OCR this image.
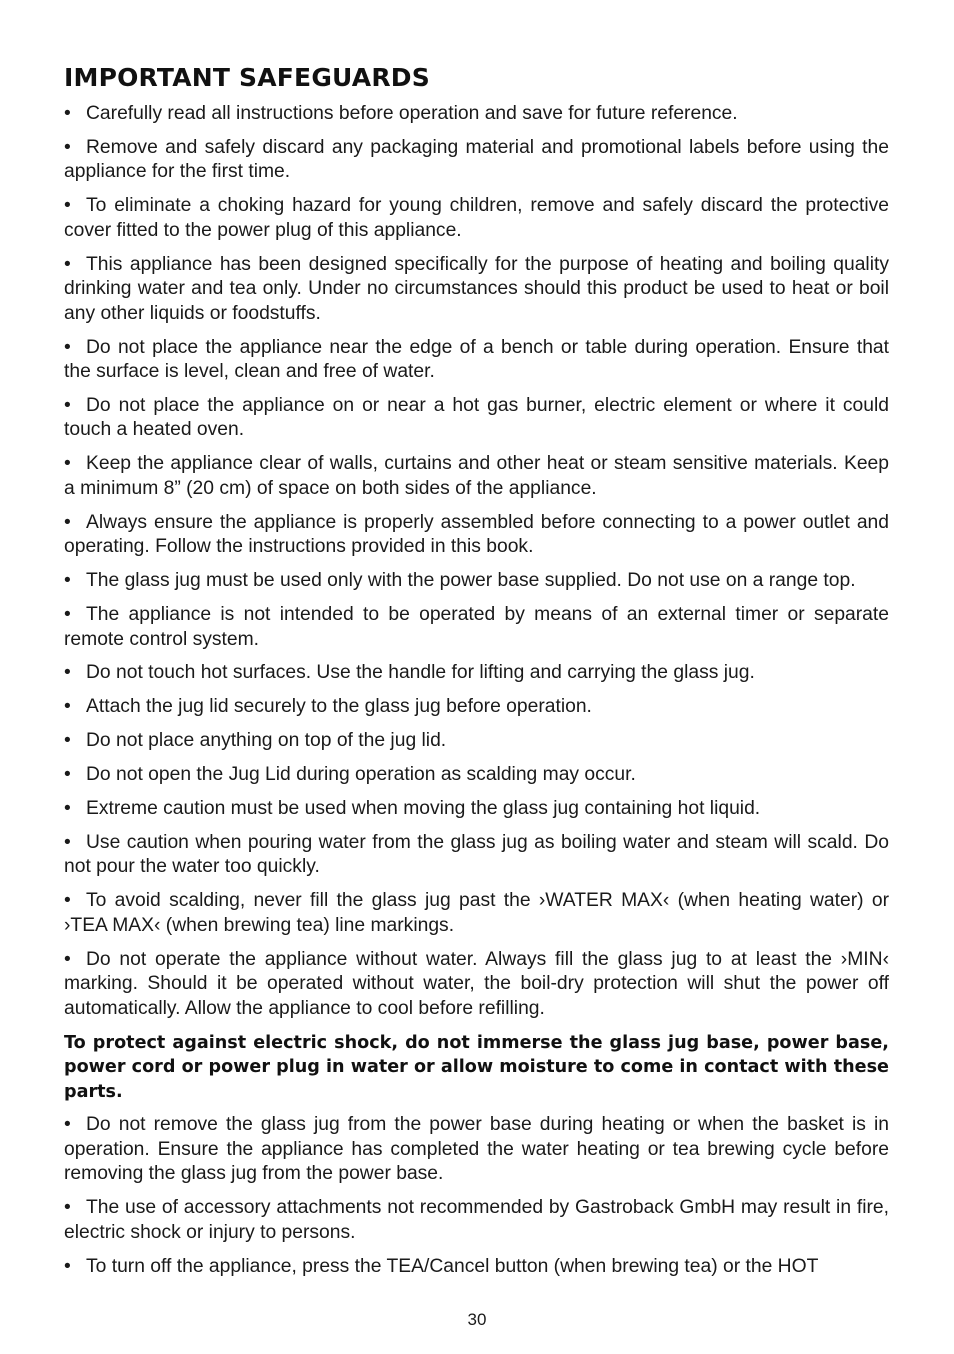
IMPORTANT SAFEGUARDS
• Carefully read all instructions before operation and save for future reference.
• Remove and safely discard any packaging material and promotional labels before using the appliance for the first time.
• To eliminate a choking hazard for young children, remove and safely discard the protective cover fitted to the power plug of this appliance.
• This appliance has been designed specifically for the purpose of heating and boiling quality drinking water and tea only. Under no circumstances should this product be used to heat or boil any other liquids or foodstuffs.
• Do not place the appliance near the edge of a bench or table during operation. Ensure that the surface is level, clean and free of water.
• Do not place the appliance on or near a hot gas burner, electric element or where it could touch a heated oven.
• Keep the appliance clear of walls, curtains and other heat or steam sensitive materials. Keep a minimum 8” (20 cm) of space on both sides of the appliance.
• Always ensure the appliance is properly assembled before connecting to a power outlet and operating. Follow the instructions provided in this book.
• The glass jug must be used only with the power base supplied. Do not use on a range top.
• The appliance is not intended to be operated by means of an external timer or separate remote control system.
• Do not touch hot surfaces. Use the handle for lifting and carrying the glass jug.
• Attach the jug lid securely to the glass jug before operation.
• Do not place anything on top of the jug lid.
• Do not open the Jug Lid during operation as scalding may occur.
• Extreme caution must be used when moving the glass jug containing hot liquid.
• Use caution when pouring water from the glass jug as boiling water and steam will scald. Do not pour the water too quickly.
• To avoid scalding, never fill the glass jug past the ›WATER MAX‹ (when heating water) or ›TEA MAX‹ (when brewing tea) line markings.
• Do not operate the appliance without water. Always fill the glass jug to at least the ›MIN‹ marking. Should it be operated without water, the boil-dry protection will shut the power off automatically. Allow the appliance to cool before refilling.

To protect against electric shock, do not immerse the glass jug base, power base, power cord or power plug in water or allow moisture to come in contact with these parts.

• Do not remove the glass jug from the power base during heating or when the basket is in operation. Ensure the appliance has completed the water heating or tea brewing cycle before removing the glass jug from the power base.
• The use of accessory attachments not recommended by Gastroback GmbH may result in fire, electric shock or injury to persons.
• To turn off the appliance, press the TEA/Cancel button (when brewing tea) or the HOT
30
